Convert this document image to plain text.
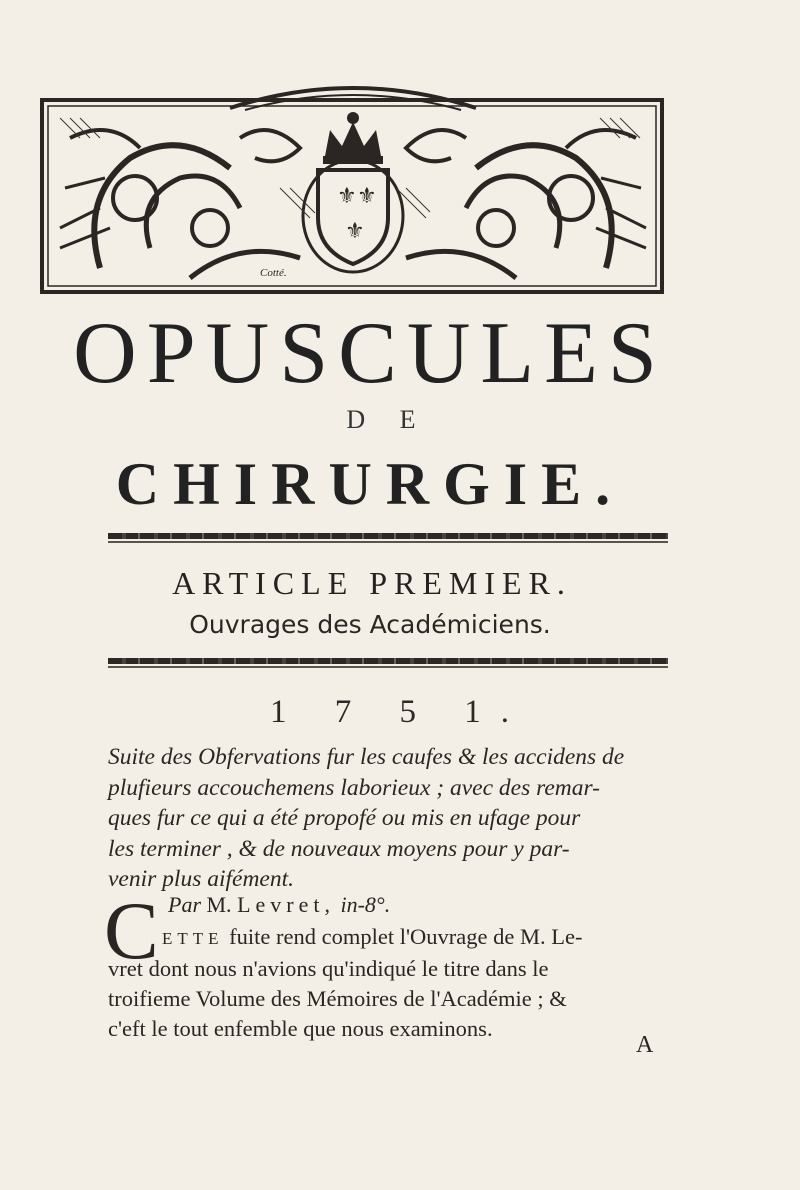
⚜ ⚜
⚜
Cotté.
OPUSCULES
D E
CHIRURGIE.
ARTICLE PREMIER.
Ouvrages des Académiciens.
1 7 5 1.
Suite des Obfervations fur les caufes & les accidens de
plufieurs accouchemens laborieux ; avec des remar-
ques fur ce qui a été propofé ou mis en ufage pour
les terminer , & de nouveaux moyens pour y par-
venir plus aifément.
C Par M. Levret, in-8°.
ETTE fuite rend complet l'Ouvrage de M. Le-
vret dont nous n'avions qu'indiqué le titre dans le
troifieme Volume des Mémoires de l'Académie ; &
c'eft le tout enfemble que nous examinons.
A
